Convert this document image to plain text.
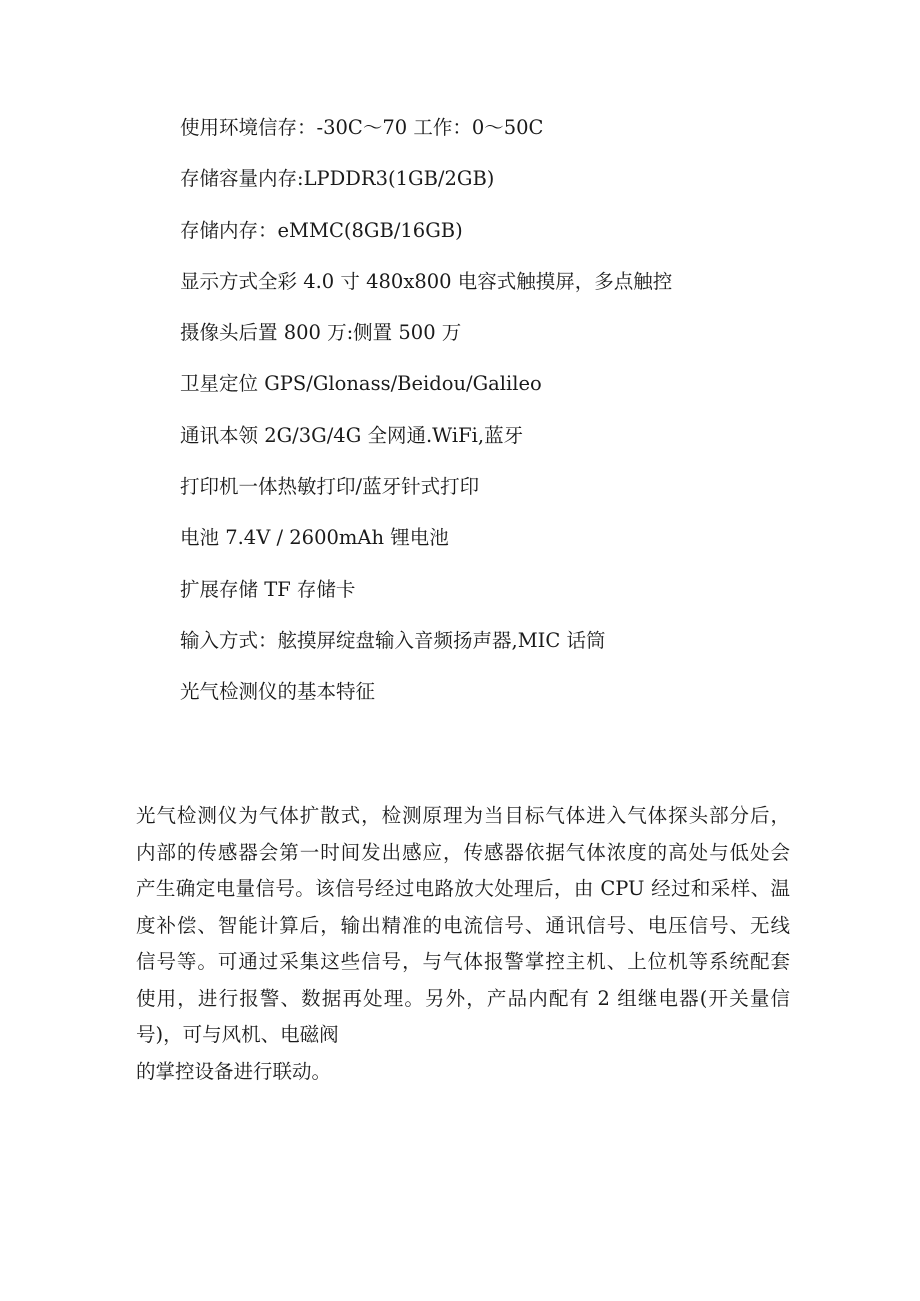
使用环境信存：-30C～70 工作：0～50C
存储容量内存:LPDDR3(1GB/2GB)
存储内存：eMMC(8GB/16GB)
显示方式全彩 4.0 寸 480x800 电容式触摸屏，多点触控
摄像头后置 800 万:侧置 500 万
卫星定位 GPS/Glonass/Beidou/Galileo
通讯本领 2G/3G/4G 全网通.WiFi,蓝牙
打印机一体热敏打印/蓝牙针式打印
电池 7.4V / 2600mAh 锂电池
扩展存储 TF 存储卡
输入方式：舷摸屏绽盘输入音频扬声器,MIC 话筒
光气检测仪的基本特征
光气检测仪为气体扩散式，检测原理为当目标气体进入气体探头部分后，
内部的传感器会第一时间发出感应，传感器依据气体浓度的高处与低处会
产生确定电量信号。该信号经过电路放大处理后，由 CPU 经过和采样、温
度补偿、智能计算后，输出精准的电流信号、通讯信号、电压信号、无线
信号等。可通过采集这些信号，与气体报警掌控主机、上位机等系统配套
使用，进行报警、数据再处理。另外，产品内配有 2 组继电器(开关量信
号)，可与风机、电磁阀
的掌控设备进行联动。
